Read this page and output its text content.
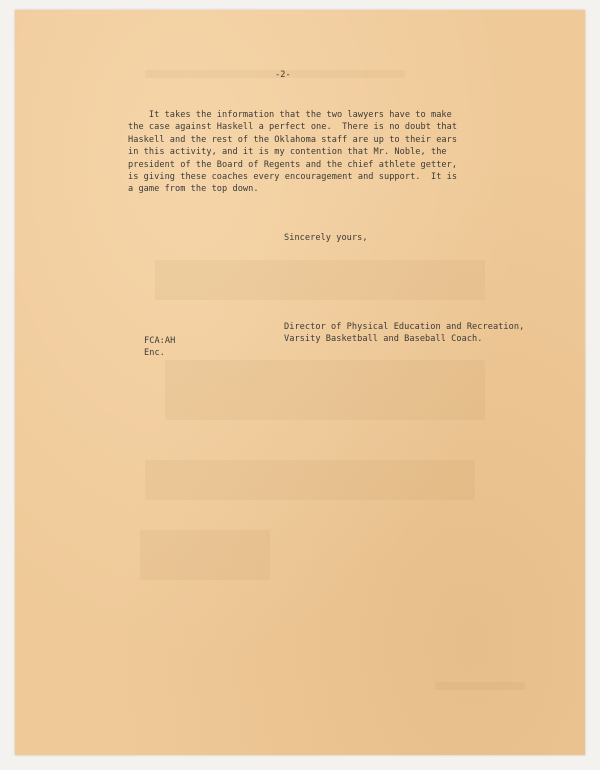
-2-
It takes the information that the two lawyers have to make
the case against Haskell a perfect one.  There is no doubt that
Haskell and the rest of the Oklahoma staff are up to their ears
in this activity, and it is my contention that Mr. Noble, the
president of the Board of Regents and the chief athlete getter,
is giving these coaches every encouragement and support.  It is
a game from the top down.
Sincerely yours,
Director of Physical Education and Recreation,
Varsity Basketball and Baseball Coach.
FCA:AH
Enc.
